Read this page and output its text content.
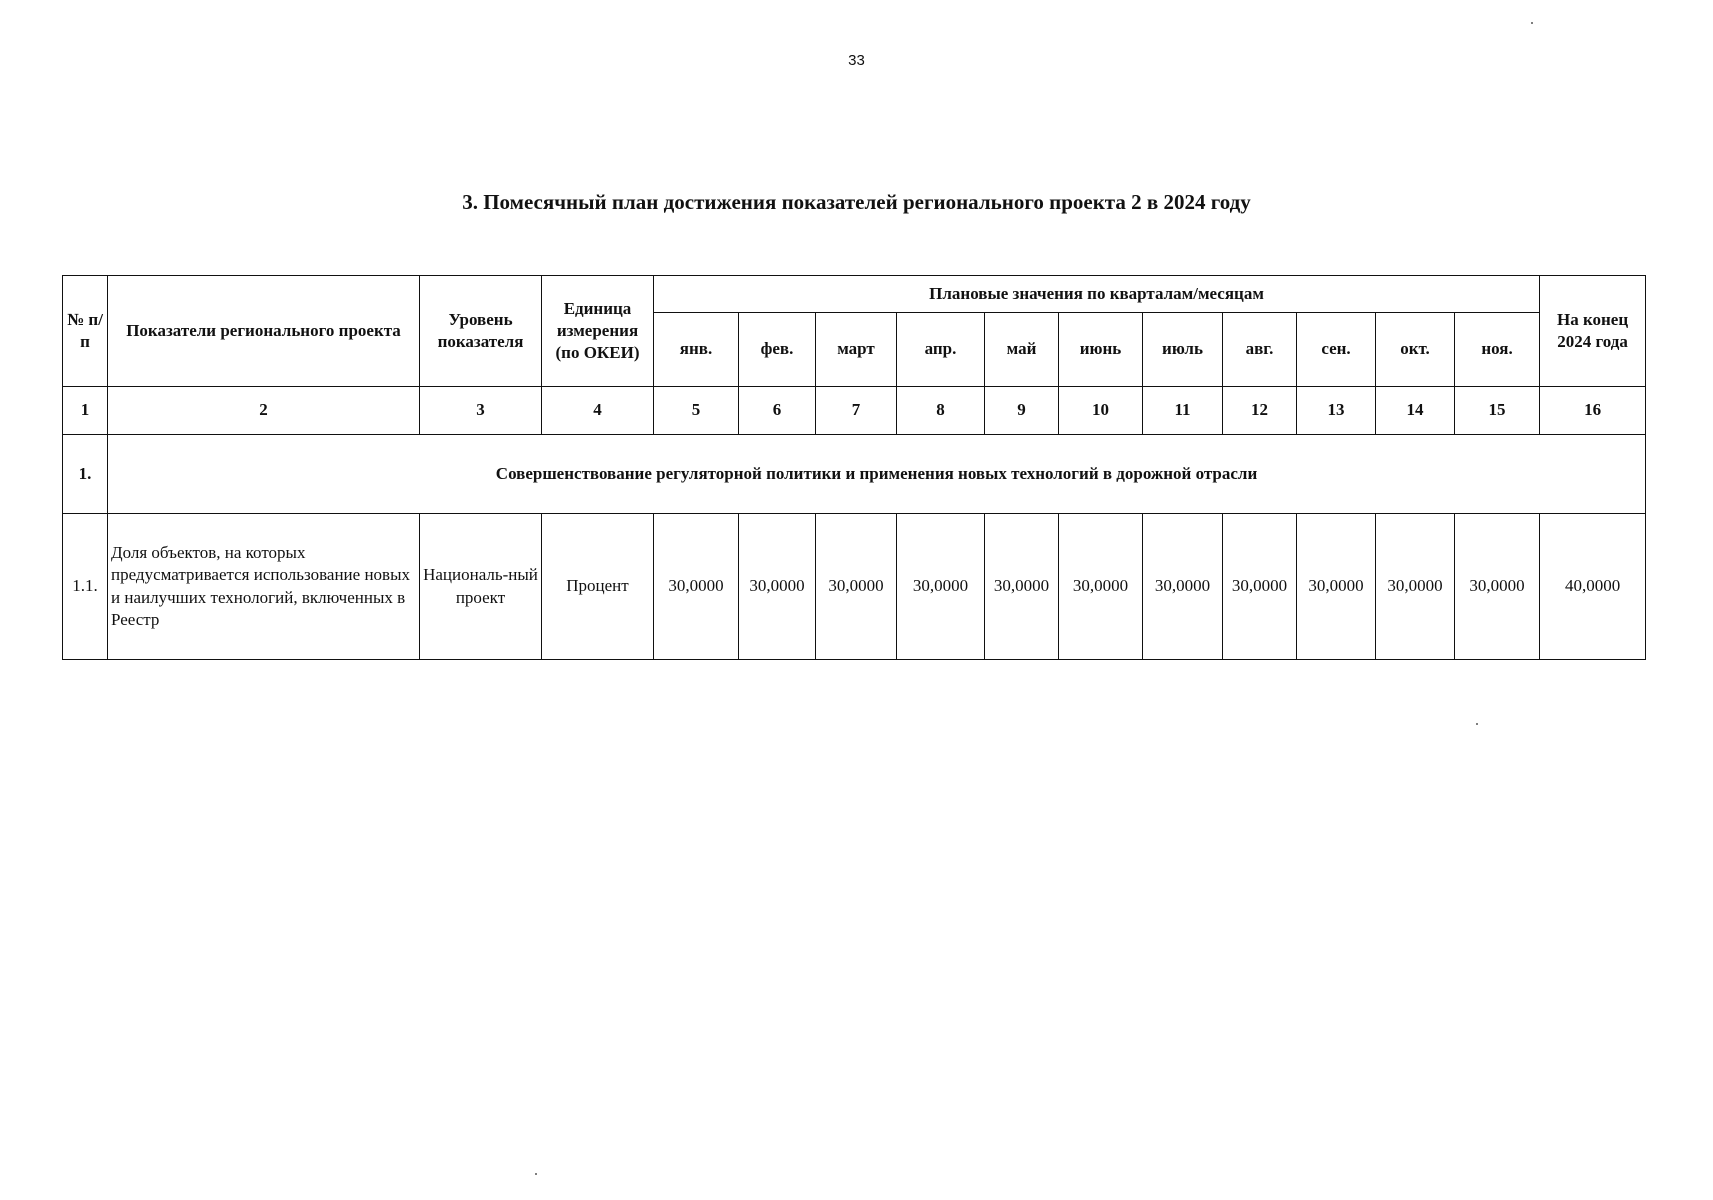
33
3. Помесячный план достижения показателей регионального проекта 2 в 2024 году
№ п/п	Показатели регионального проекта	Уровень показателя	Единица измерения (по ОКЕИ)	Плановые значения по кварталам/месяцам											На конец 2024 года
				янв.	фев.	март	апр.	май	июнь	июль	авг.	сен.	окт.	ноя.	
1	2	3	4	5	6	7	8	9	10	11	12	13	14	15	16
1.	Совершенствование регуляторной политики и применения новых технологий в дорожной отрасли														
1.1.	Доля объектов, на которых предусматривается использование новых и наилучших технологий, включенных в Реестр	Националь-ный проект	Процент	30,0000	30,0000	30,0000	30,0000	30,0000	30,0000	30,0000	30,0000	30,0000	30,0000	30,0000	40,0000
